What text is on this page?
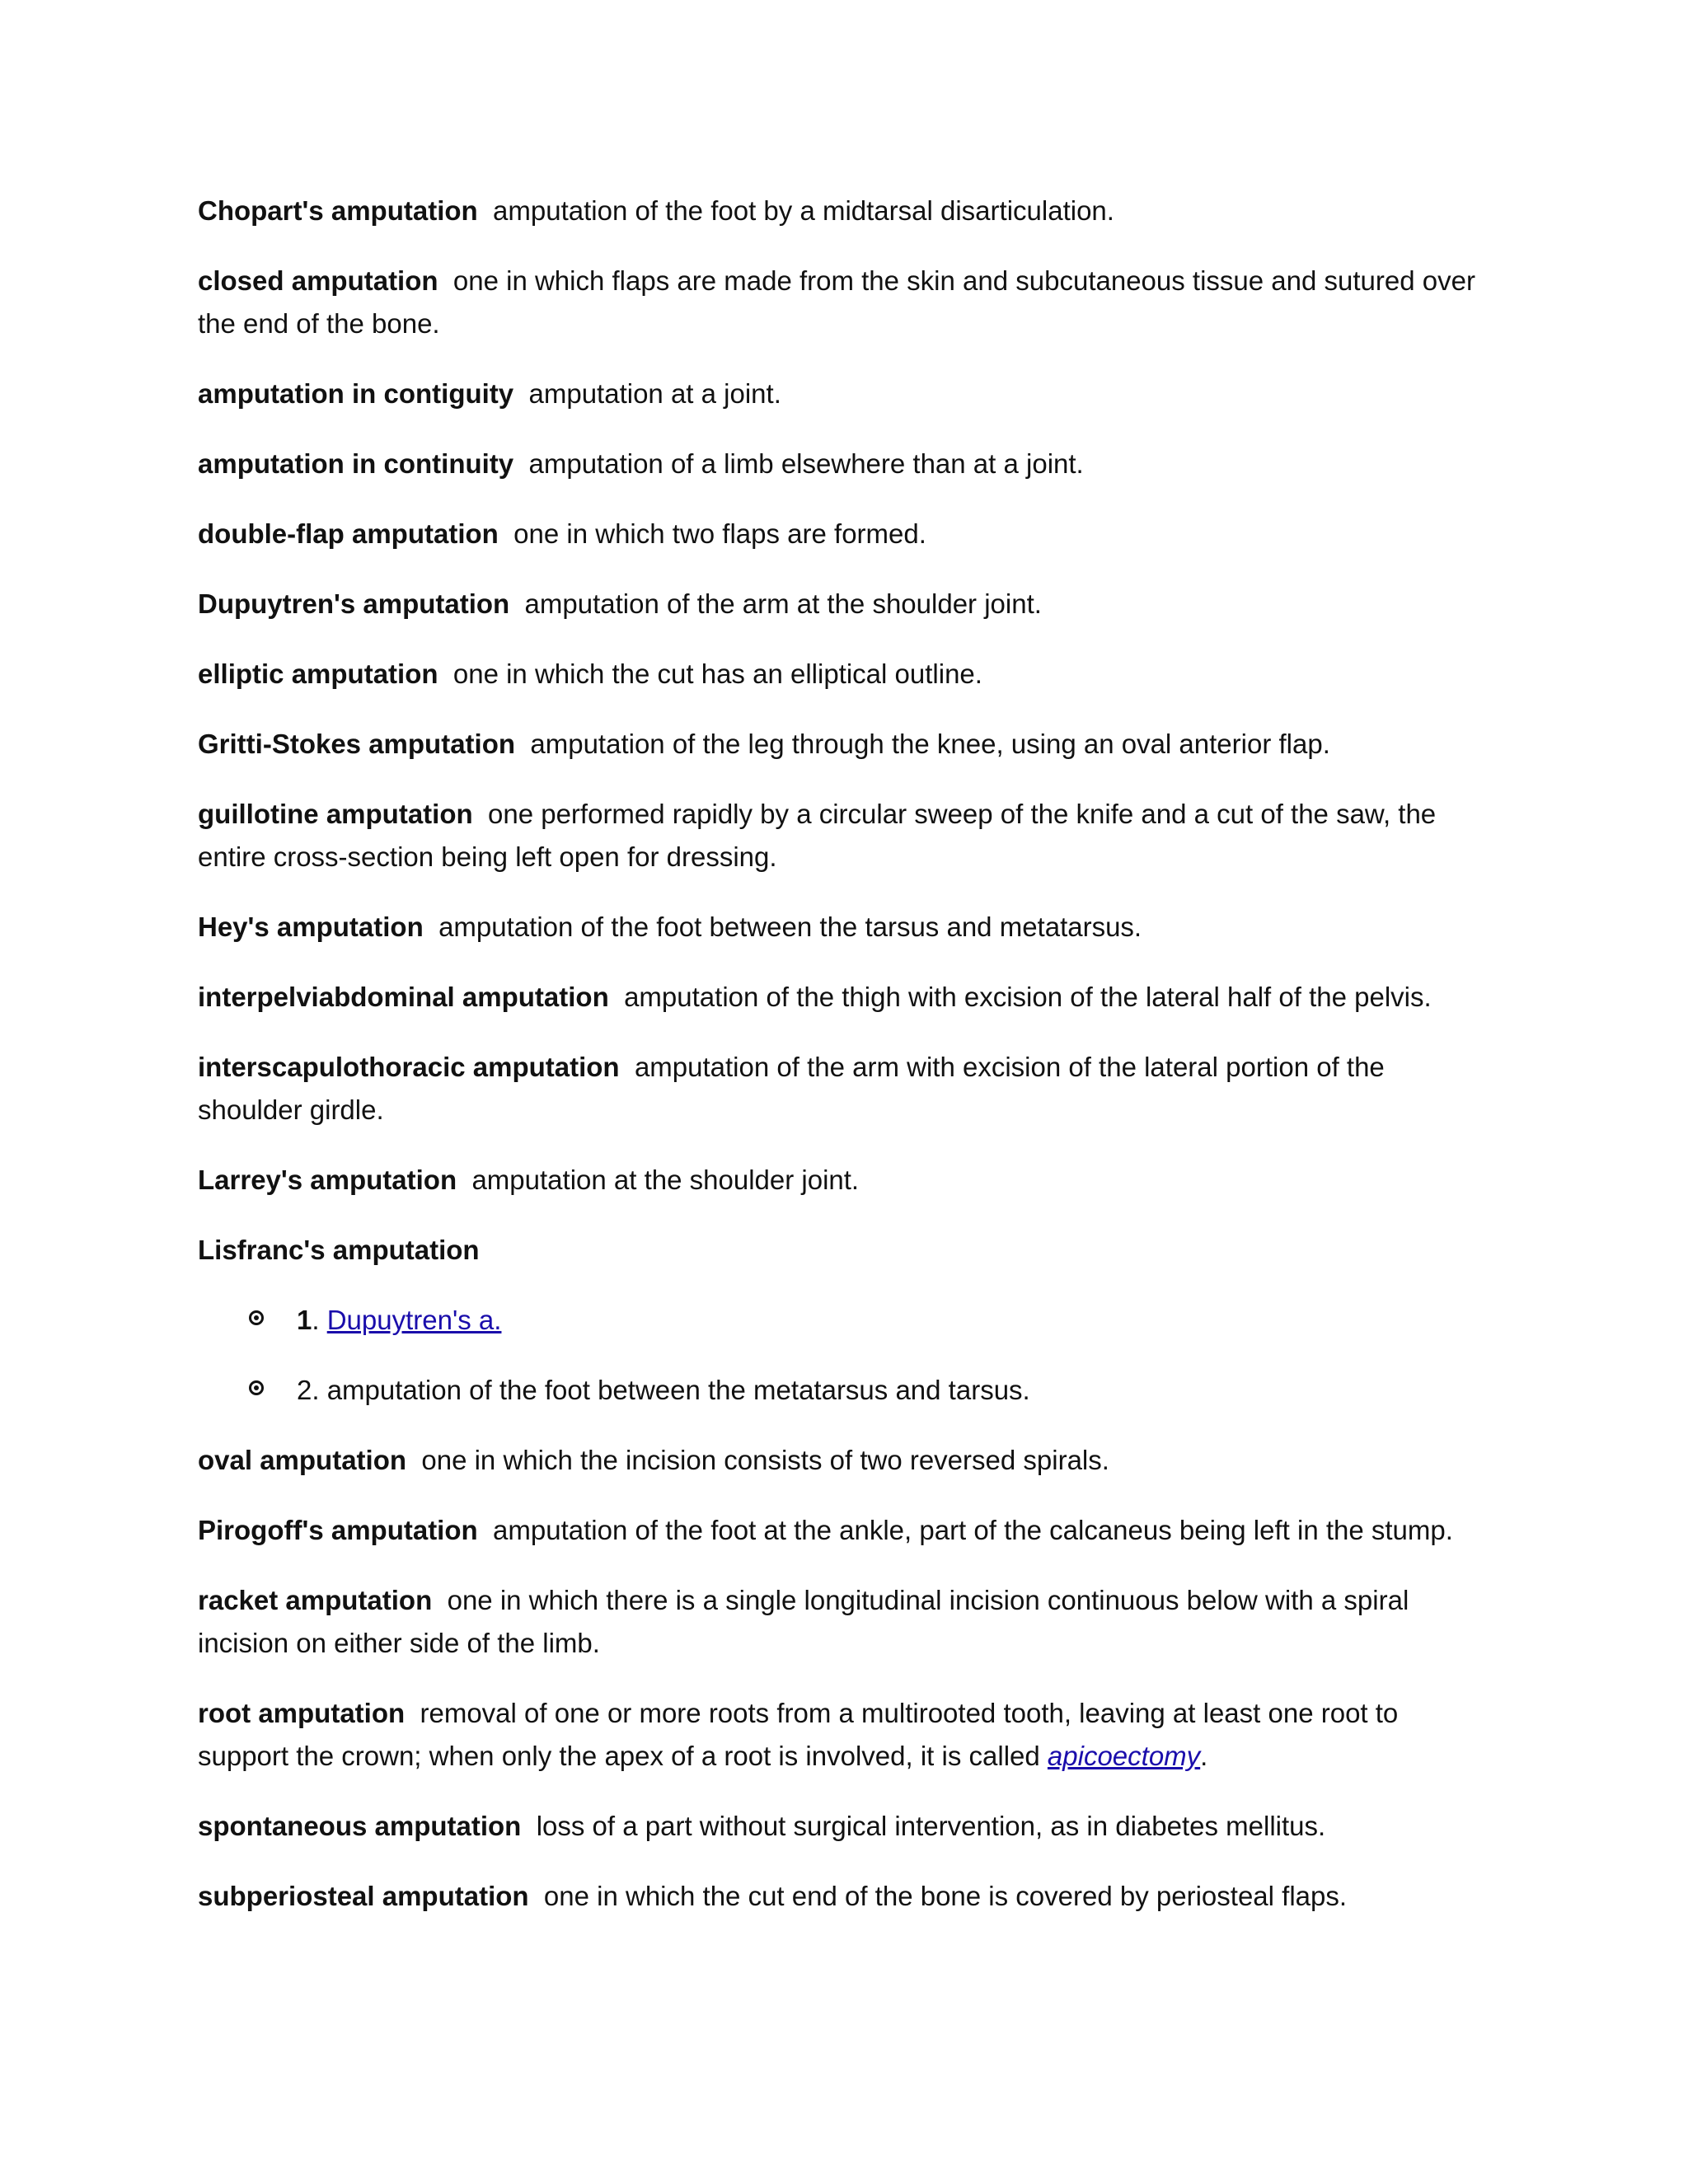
Chopart's amputation amputation of the foot by a midtarsal disarticulation.

closed amputation one in which flaps are made from the skin and subcutaneous tissue and sutured over the end of the bone.

amputation in contiguity amputation at a joint.

amputation in continuity amputation of a limb elsewhere than at a joint.

double-flap amputation one in which two flaps are formed.

Dupuytren's amputation amputation of the arm at the shoulder joint.

elliptic amputation one in which the cut has an elliptical outline.

Gritti-Stokes amputation amputation of the leg through the knee, using an oval anterior flap.

guillotine amputation one performed rapidly by a circular sweep of the knife and a cut of the saw, the entire cross-section being left open for dressing.

Hey's amputation amputation of the foot between the tarsus and metatarsus.

interpelviabdominal amputation amputation of the thigh with excision of the lateral half of the pelvis.

interscapulothoracic amputation amputation of the arm with excision of the lateral portion of the shoulder girdle.

Larrey's amputation amputation at the shoulder joint.

Lisfranc's amputation

1. Dupuytren's a.
2. amputation of the foot between the metatarsus and tarsus.

oval amputation one in which the incision consists of two reversed spirals.

Pirogoff's amputation amputation of the foot at the ankle, part of the calcaneus being left in the stump.

racket amputation one in which there is a single longitudinal incision continuous below with a spiral incision on either side of the limb.

root amputation removal of one or more roots from a multirooted tooth, leaving at least one root to support the crown; when only the apex of a root is involved, it is called apicoectomy.

spontaneous amputation loss of a part without surgical intervention, as in diabetes mellitus.

subperiosteal amputation one in which the cut end of the bone is covered by periosteal flaps.
